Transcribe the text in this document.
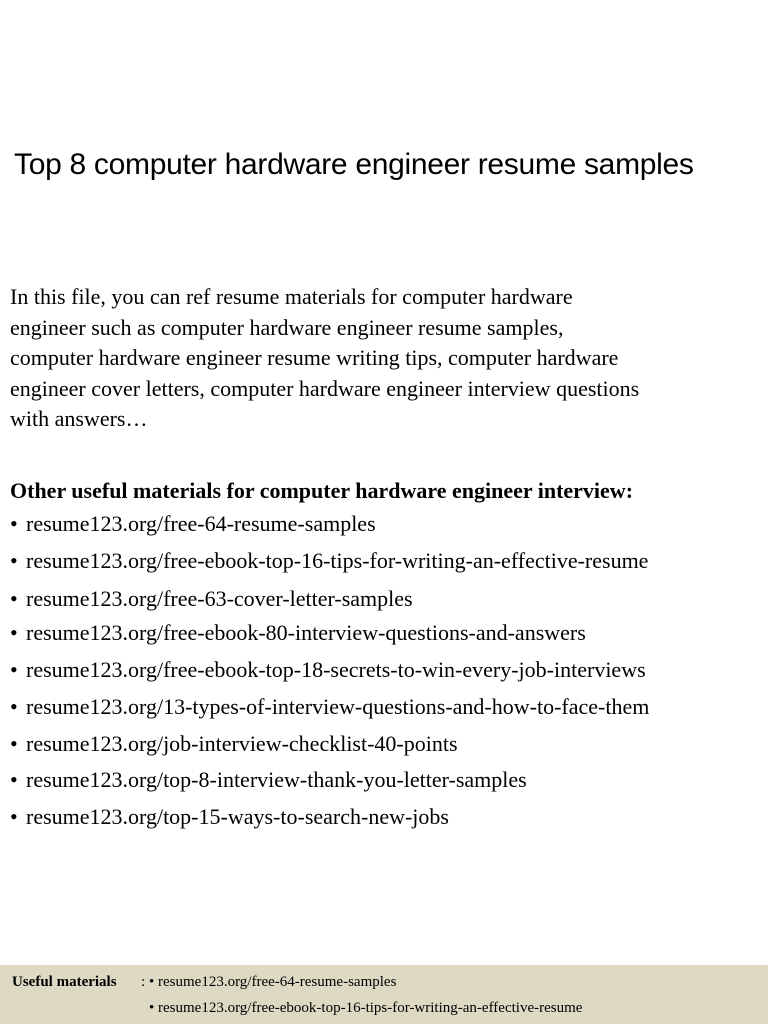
Top 8 computer hardware engineer resume samples
In this file, you can ref resume materials for computer hardware
engineer such as computer hardware engineer resume samples,
computer hardware engineer resume writing tips, computer hardware
engineer cover letters, computer hardware engineer interview questions
with answers…
Other useful materials for computer hardware engineer interview:
• resume123.org/free-64-resume-samples
• resume123.org/free-ebook-top-16-tips-for-writing-an-effective-resume
• resume123.org/free-63-cover-letter-samples
• resume123.org/free-ebook-80-interview-questions-and-answers
• resume123.org/free-ebook-top-18-secrets-to-win-every-job-interviews
• resume123.org/13-types-of-interview-questions-and-how-to-face-them
• resume123.org/job-interview-checklist-40-points
• resume123.org/top-8-interview-thank-you-letter-samples
• resume123.org/top-15-ways-to-search-new-jobs
Useful materials : • resume123.org/free-64-resume-samples
• resume123.org/free-ebook-top-16-tips-for-writing-an-effective-resume
